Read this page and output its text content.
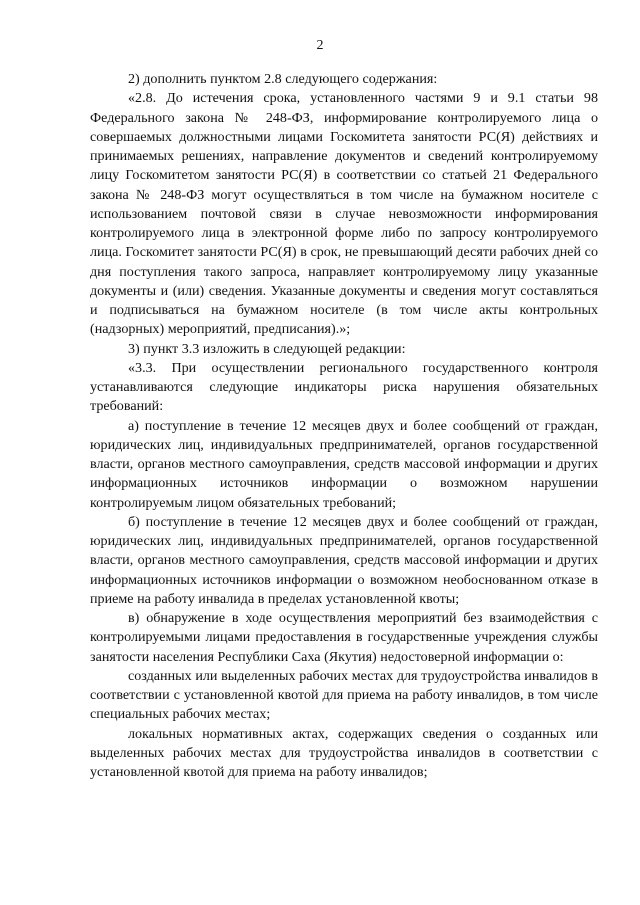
2

2) дополнить пунктом 2.8 следующего содержания:

«2.8. До истечения срока, установленного частями 9 и 9.1 статьи 98 Федерального закона № 248-ФЗ, информирование контролируемого лица о совершаемых должностными лицами Госкомитета занятости РС(Я) действиях и принимаемых решениях, направление документов и сведений контролируемому лицу Госкомитетом занятости РС(Я) в соответствии со статьей 21 Федерального закона № 248-ФЗ могут осуществляться в том числе на бумажном носителе с использованием почтовой связи в случае невозможности информирования контролируемого лица в электронной форме либо по запросу контролируемого лица. Госкомитет занятости РС(Я) в срок, не превышающий десяти рабочих дней со дня поступления такого запроса, направляет контролируемому лицу указанные документы и (или) сведения. Указанные документы и сведения могут составляться и подписываться на бумажном носителе (в том числе акты контрольных (надзорных) мероприятий, предписания).»;

3) пункт 3.3 изложить в следующей редакции:

«3.3. При осуществлении регионального государственного контроля устанавливаются следующие индикаторы риска нарушения обязательных требований:

а) поступление в течение 12 месяцев двух и более сообщений от граждан, юридических лиц, индивидуальных предпринимателей, органов государственной власти, органов местного самоуправления, средств массовой информации и других информационных источников информации о возможном нарушении контролируемым лицом обязательных требований;

б) поступление в течение 12 месяцев двух и более сообщений от граждан, юридических лиц, индивидуальных предпринимателей, органов государственной власти, органов местного самоуправления, средств массовой информации и других информационных источников информации о возможном необоснованном отказе в приеме на работу инвалида в пределах установленной квоты;

в) обнаружение в ходе осуществления мероприятий без взаимодействия с контролируемыми лицами предоставления в государственные учреждения службы занятости населения Республики Саха (Якутия) недостоверной информации о:

созданных или выделенных рабочих местах для трудоустройства инвалидов в соответствии с установленной квотой для приема на работу инвалидов, в том числе специальных рабочих местах;

локальных нормативных актах, содержащих сведения о созданных или выделенных рабочих местах для трудоустройства инвалидов в соответствии с установленной квотой для приема на работу инвалидов;
